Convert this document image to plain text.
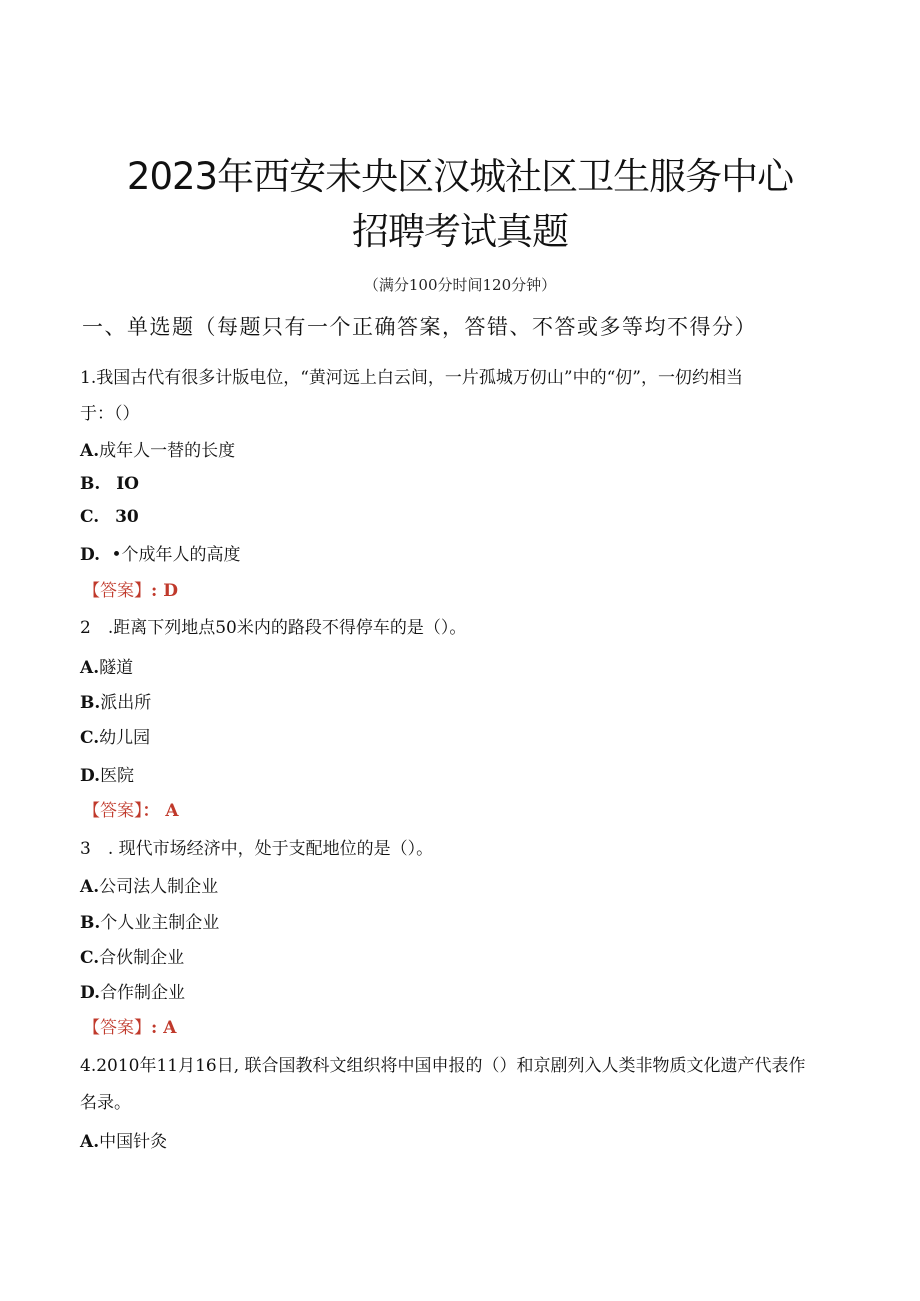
2023年西安未央区汉城社区卫生服务中心
招聘考试真题
（满分100分时间120分钟）
一、单选题（每题只有一个正确答案，答错、不答或多等均不得分）
1.我国古代有很多计版电位，“黄河远上白云间，一片孤城万仞山”中的“仞”，一仞约相当
于：（）
A.成年人一替的长度
B. IO
C. 30
D. •个成年人的高度
【答案】: D
2　.距离下列地点50米内的路段不得停车的是（）。
A.隧道
B.派出所
C.幼儿园
D.医院
【答案】： A
3　. 现代市场经济中，处于支配地位的是（）。
A.公司法人制企业
B.个人业主制企业
C.合伙制企业
D.合作制企业
【答案】: A
4.2010年11月16日, 联合国教科文组织将中国申报的（）和京剧列入人类非物质文化遗产代表作
名录。
A.中国针灸
